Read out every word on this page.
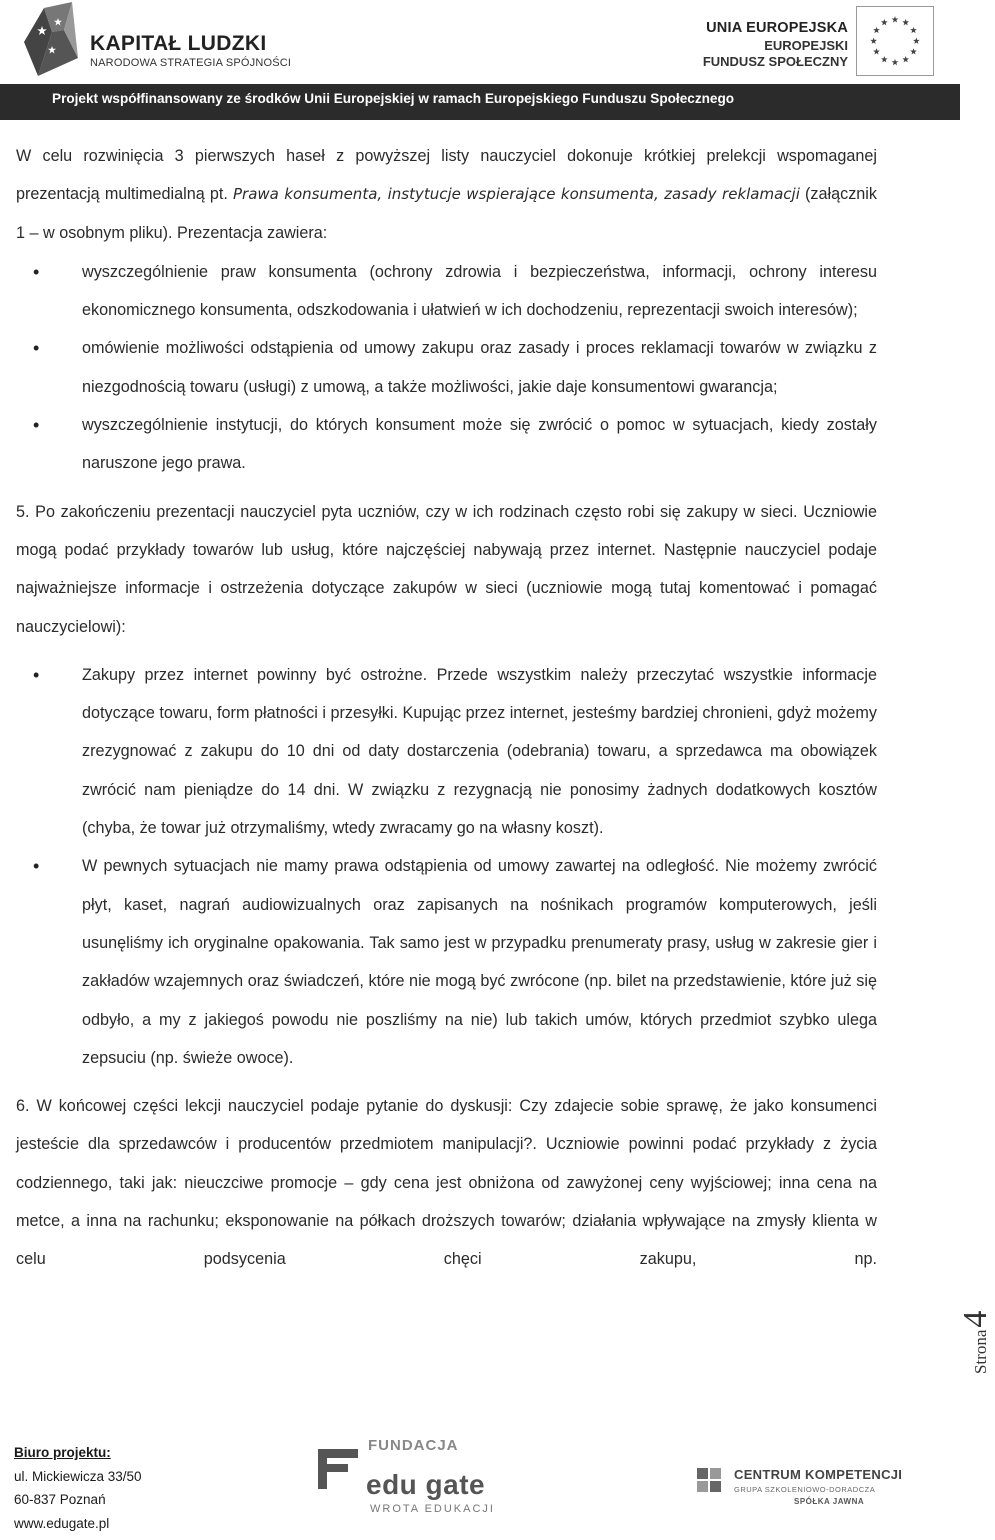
KAPITAŁ LUDZKI
NARODOWA STRATEGIA SPÓJNOŚCI
UNIA EUROPEJSKA
EUROPEJSKI
FUNDUSZ SPOŁECZNY
Projekt współfinansowany ze środków Unii Europejskiej w ramach Europejskiego Funduszu Społecznego

W celu rozwinięcia 3 pierwszych haseł z powyższej listy nauczyciel dokonuje krótkiej prelekcji wspomaganej prezentacją multimedialną pt. Prawa konsumenta, instytucje wspierające konsumenta, zasady reklamacji (załącznik 1 – w osobnym pliku). Prezentacja zawiera:

• wyszczególnienie praw konsumenta (ochrony zdrowia i bezpieczeństwa, informacji, ochrony interesu ekonomicznego konsumenta, odszkodowania i ułatwień w ich dochodzeniu, reprezentacji swoich interesów);
• omówienie możliwości odstąpienia od umowy zakupu oraz zasady i proces reklamacji towarów w związku z niezgodnością towaru (usługi) z umową, a także możliwości, jakie daje konsumentowi gwarancja;
• wyszczególnienie instytucji, do których konsument może się zwrócić o pomoc w sytuacjach, kiedy zostały naruszone jego prawa.

5. Po zakończeniu prezentacji nauczyciel pyta uczniów, czy w ich rodzinach często robi się zakupy w sieci. Uczniowie mogą podać przykłady towarów lub usług, które najczęściej nabywają przez internet. Następnie nauczyciel podaje najważniejsze informacje i ostrzeżenia dotyczące zakupów w sieci (uczniowie mogą tutaj komentować i pomagać nauczycielowi):

• Zakupy przez internet powinny być ostrożne. Przede wszystkim należy przeczytać wszystkie informacje dotyczące towaru, form płatności i przesyłki. Kupując przez internet, jesteśmy bardziej chronieni, gdyż możemy zrezygnować z zakupu do 10 dni od daty dostarczenia (odebrania) towaru, a sprzedawca ma obowiązek zwrócić nam pieniądze do 14 dni. W związku z rezygnacją nie ponosimy żadnych dodatkowych kosztów (chyba, że towar już otrzymaliśmy, wtedy zwracamy go na własny koszt).
• W pewnych sytuacjach nie mamy prawa odstąpienia od umowy zawartej na odległość. Nie możemy zwrócić płyt, kaset, nagrań audiowizualnych oraz zapisanych na nośnikach programów komputerowych, jeśli usunęliśmy ich oryginalne opakowania. Tak samo jest w przypadku prenumeraty prasy, usług w zakresie gier i zakładów wzajemnych oraz świadczeń, które nie mogą być zwrócone (np. bilet na przedstawienie, które już się odbyło, a my z jakiegoś powodu nie poszliśmy na nie) lub takich umów, których przedmiot szybko ulega zepsuciu (np. świeże owoce).

6. W końcowej części lekcji nauczyciel podaje pytanie do dyskusji: Czy zdajecie sobie sprawę, że jako konsumenci jesteście dla sprzedawców i producentów przedmiotem manipulacji?. Uczniowie powinni podać przykłady z życia codziennego, taki jak: nieuczciwe promocje – gdy cena jest obniżona od zawyżonej ceny wyjściowej; inna cena na metce, a inna na rachunku; eksponowanie na półkach droższych towarów; działania wpływające na zmysły klienta w celu podsycenia chęci zakupu, np.

Strona4
Biuro projektu:
ul. Mickiewicza 33/50
60-837 Poznań
www.edugate.pl
FUNDACJA
edu gate
WROTA EDUKACJI
CENTRUM KOMPETENCJI
GRUPA SZKOLENIOWO-DORADCZA
SPÓŁKA JAWNA
